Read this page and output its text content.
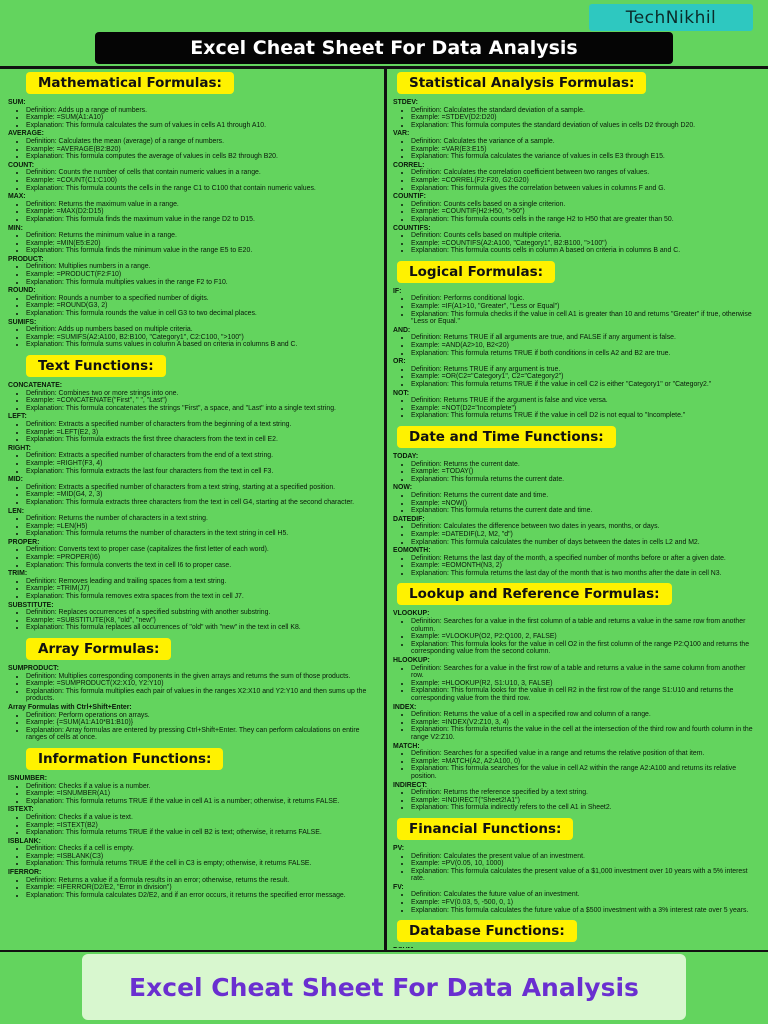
TechNikhil
Excel Cheat Sheet For Data Analysis
Mathematical Formulas:
SUM:
• Definition: Adds up a range of numbers.
• Example: =SUM(A1:A10)
• Explanation: This formula calculates the sum of values in cells A1 through A10.
AVERAGE:
• Definition: Calculates the mean (average) of a range of numbers.
• Example: =AVERAGE(B2:B20)
• Explanation: This formula computes the average of values in cells B2 through B20.
COUNT:
• Definition: Counts the number of cells that contain numeric values in a range.
• Example: =COUNT(C1:C100)
• Explanation: This formula counts the cells in the range C1 to C100 that contain numeric values.
MAX:
• Definition: Returns the maximum value in a range.
• Example: =MAX(D2:D15)
• Explanation: This formula finds the maximum value in the range D2 to D15.
MIN:
• Definition: Returns the minimum value in a range.
• Example: =MIN(E5:E20)
• Explanation: This formula finds the minimum value in the range E5 to E20.
PRODUCT:
• Definition: Multiplies numbers in a range.
• Example: =PRODUCT(F2:F10)
• Explanation: This formula multiplies values in the range F2 to F10.
ROUND:
• Definition: Rounds a number to a specified number of digits.
• Example: =ROUND(G3, 2)
• Explanation: This formula rounds the value in cell G3 to two decimal places.
SUMIFS:
• Definition: Adds up numbers based on multiple criteria.
• Example: =SUMIFS(A2:A100, B2:B100, "Category1", C2:C100, ">100")
• Explanation: This formula sums values in column A based on criteria in columns B and C.
Text Functions:
CONCATENATE:
• Definition: Combines two or more strings into one.
• Example: =CONCATENATE("First", " ", "Last")
• Explanation: This formula concatenates the strings "First", a space, and "Last" into a single text string.
LEFT:
• Definition: Extracts a specified number of characters from the beginning of a text string.
• Example: =LEFT(E2, 3)
• Explanation: This formula extracts the first three characters from the text in cell E2.
RIGHT:
• Definition: Extracts a specified number of characters from the end of a text string.
• Example: =RIGHT(F3, 4)
• Explanation: This formula extracts the last four characters from the text in cell F3.
MID:
• Definition: Extracts a specified number of characters from a text string, starting at a specified position.
• Example: =MID(G4, 2, 3)
• Explanation: This formula extracts three characters from the text in cell G4, starting at the second character.
LEN:
• Definition: Returns the number of characters in a text string.
• Example: =LEN(H5)
• Explanation: This formula returns the number of characters in the text string in cell H5.
PROPER:
• Definition: Converts text to proper case (capitalizes the first letter of each word).
• Example: =PROPER(I6)
• Explanation: This formula converts the text in cell I6 to proper case.
TRIM:
• Definition: Removes leading and trailing spaces from a text string.
• Example: =TRIM(J7)
• Explanation: This formula removes extra spaces from the text in cell J7.
SUBSTITUTE:
• Definition: Replaces occurrences of a specified substring with another substring.
• Example: =SUBSTITUTE(K8, "old", "new")
• Explanation: This formula replaces all occurrences of "old" with "new" in the text in cell K8.
Array Formulas:
SUMPRODUCT:
• Definition: Multiplies corresponding components in the given arrays and returns the sum of those products.
• Example: =SUMPRODUCT(X2:X10, Y2:Y10)
• Explanation: This formula multiplies each pair of values in the ranges X2:X10 and Y2:Y10 and then sums up the products.
Array Formulas with Ctrl+Shift+Enter:
• Definition: Perform operations on arrays.
• Example: {=SUM(A1:A10*B1:B10)}
• Explanation: Array formulas are entered by pressing Ctrl+Shift+Enter. They can perform calculations on entire ranges of cells at once.
Information Functions:
ISNUMBER:
• Definition: Checks if a value is a number.
• Example: =ISNUMBER(A1)
• Explanation: This formula returns TRUE if the value in cell A1 is a number; otherwise, it returns FALSE.
ISTEXT:
• Definition: Checks if a value is text.
• Example: =ISTEXT(B2)
• Explanation: This formula returns TRUE if the value in cell B2 is text; otherwise, it returns FALSE.
ISBLANK:
• Definition: Checks if a cell is empty.
• Example: =ISBLANK(C3)
• Explanation: This formula returns TRUE if the cell in C3 is empty; otherwise, it returns FALSE.
IFERROR:
• Definition: Returns a value if a formula results in an error; otherwise, returns the result.
• Example: =IFERROR(D2/E2, "Error in division")
• Explanation: This formula calculates D2/E2, and if an error occurs, it returns the specified error message.
Statistical Analysis Formulas:
STDEV:
• Definition: Calculates the standard deviation of a sample.
• Example: =STDEV(D2:D20)
• Explanation: This formula computes the standard deviation of values in cells D2 through D20.
VAR:
• Definition: Calculates the variance of a sample.
• Example: =VAR(E3:E15)
• Explanation: This formula calculates the variance of values in cells E3 through E15.
CORREL:
• Definition: Calculates the correlation coefficient between two ranges of values.
• Example: =CORREL(F2:F20, G2:G20)
• Explanation: This formula gives the correlation between values in columns F and G.
COUNTIF:
• Definition: Counts cells based on a single criterion.
• Example: =COUNTIF(H2:H50, ">50")
• Explanation: This formula counts cells in the range H2 to H50 that are greater than 50.
COUNTIFS:
• Definition: Counts cells based on multiple criteria.
• Example: =COUNTIFS(A2:A100, "Category1", B2:B100, ">100")
• Explanation: This formula counts cells in column A based on criteria in columns B and C.
Logical Formulas:
IF:
• Definition: Performs conditional logic.
• Example: =IF(A1>10, "Greater", "Less or Equal")
• Explanation: This formula checks if the value in cell A1 is greater than 10 and returns "Greater" if true, otherwise "Less or Equal."
AND:
• Definition: Returns TRUE if all arguments are true, and FALSE if any argument is false.
• Example: =AND(A2>10, B2<20)
• Explanation: This formula returns TRUE if both conditions in cells A2 and B2 are true.
OR:
• Definition: Returns TRUE if any argument is true.
• Example: =OR(C2="Category1", C2="Category2")
• Explanation: This formula returns TRUE if the value in cell C2 is either "Category1" or "Category2."
NOT:
• Definition: Returns TRUE if the argument is false and vice versa.
• Example: =NOT(D2="Incomplete")
• Explanation: This formula returns TRUE if the value in cell D2 is not equal to "Incomplete."
Date and Time Functions:
TODAY:
• Definition: Returns the current date.
• Example: =TODAY()
• Explanation: This formula returns the current date.
NOW:
• Definition: Returns the current date and time.
• Example: =NOW()
• Explanation: This formula returns the current date and time.
DATEDIF:
• Definition: Calculates the difference between two dates in years, months, or days.
• Example: =DATEDIF(L2, M2, "d")
• Explanation: This formula calculates the number of days between the dates in cells L2 and M2.
EOMONTH:
• Definition: Returns the last day of the month, a specified number of months before or after a given date.
• Example: =EOMONTH(N3, 2)
• Explanation: This formula returns the last day of the month that is two months after the date in cell N3.
Lookup and Reference Formulas:
VLOOKUP:
• Definition: Searches for a value in the first column of a table and returns a value in the same row from another column.
• Example: =VLOOKUP(O2, P2:Q100, 2, FALSE)
• Explanation: This formula looks for the value in cell O2 in the first column of the range P2:Q100 and returns the corresponding value from the second column.
HLOOKUP:
• Definition: Searches for a value in the first row of a table and returns a value in the same column from another row.
• Example: =HLOOKUP(R2, S1:U10, 3, FALSE)
• Explanation: This formula looks for the value in cell R2 in the first row of the range S1:U10 and returns the corresponding value from the third row.
INDEX:
• Definition: Returns the value of a cell in a specified row and column of a range.
• Example: =INDEX(V2:Z10, 3, 4)
• Explanation: This formula returns the value in the cell at the intersection of the third row and fourth column in the range V2:Z10.
MATCH:
• Definition: Searches for a specified value in a range and returns the relative position of that item.
• Example: =MATCH(A2, A2:A100, 0)
• Explanation: This formula searches for the value in cell A2 within the range A2:A100 and returns its relative position.
INDIRECT:
• Definition: Returns the reference specified by a text string.
• Example: =INDIRECT("Sheet2!A1")
• Explanation: This formula indirectly refers to the cell A1 in Sheet2.
Financial Functions:
PV:
• Definition: Calculates the present value of an investment.
• Example: =PV(0.05, 10, 1000)
• Explanation: This formula calculates the present value of a $1,000 investment over 10 years with a 5% interest rate.
FV:
• Definition: Calculates the future value of an investment.
• Example: =FV(0.03, 5, -500, 0, 1)
• Explanation: This formula calculates the future value of a $500 investment with a 3% interest rate over 5 years.
Database Functions:
Excel Cheat Sheet For Data Analysis
